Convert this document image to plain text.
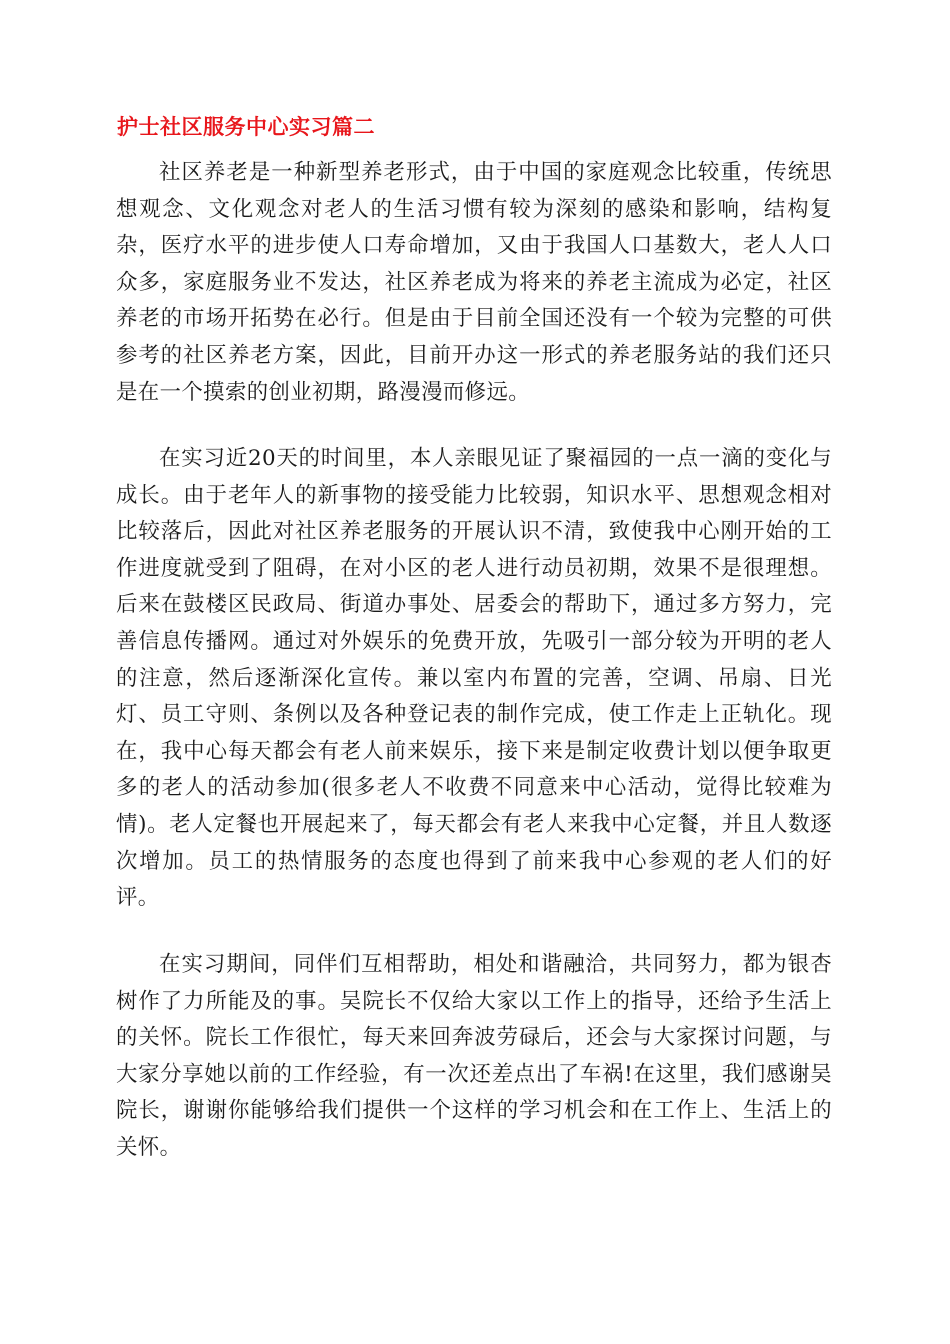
护士社区服务中心实习篇二

社区养老是一种新型养老形式，由于中国的家庭观念比较重，传统思想观念、文化观念对老人的生活习惯有较为深刻的感染和影响，结构复杂，医疗水平的进步使人口寿命增加，又由于我国人口基数大，老人人口众多，家庭服务业不发达，社区养老成为将来的养老主流成为必定，社区养老的市场开拓势在必行。但是由于目前全国还没有一个较为完整的可供参考的社区养老方案，因此，目前开办这一形式的养老服务站的我们还只是在一个摸索的创业初期，路漫漫而修远。

在实习近20天的时间里，本人亲眼见证了聚福园的一点一滴的变化与成长。由于老年人的新事物的接受能力比较弱，知识水平、思想观念相对比较落后，因此对社区养老服务的开展认识不清，致使我中心刚开始的工作进度就受到了阻碍，在对小区的老人进行动员初期，效果不是很理想。后来在鼓楼区民政局、街道办事处、居委会的帮助下，通过多方努力，完善信息传播网。通过对外娱乐的免费开放，先吸引一部分较为开明的老人的注意，然后逐渐深化宣传。兼以室内布置的完善，空调、吊扇、日光灯、员工守则、条例以及各种登记表的制作完成，使工作走上正轨化。现在，我中心每天都会有老人前来娱乐，接下来是制定收费计划以便争取更多的老人的活动参加(很多老人不收费不同意来中心活动，觉得比较难为情)。老人定餐也开展起来了，每天都会有老人来我中心定餐，并且人数逐次增加。员工的热情服务的态度也得到了前来我中心参观的老人们的好评。

在实习期间，同伴们互相帮助，相处和谐融洽，共同努力，都为银杏树作了力所能及的事。吴院长不仅给大家以工作上的指导，还给予生活上的关怀。院长工作很忙，每天来回奔波劳碌后，还会与大家探讨问题，与大家分享她以前的工作经验，有一次还差点出了车祸!在这里，我们感谢吴院长，谢谢你能够给我们提供一个这样的学习机会和在工作上、生活上的关怀。
